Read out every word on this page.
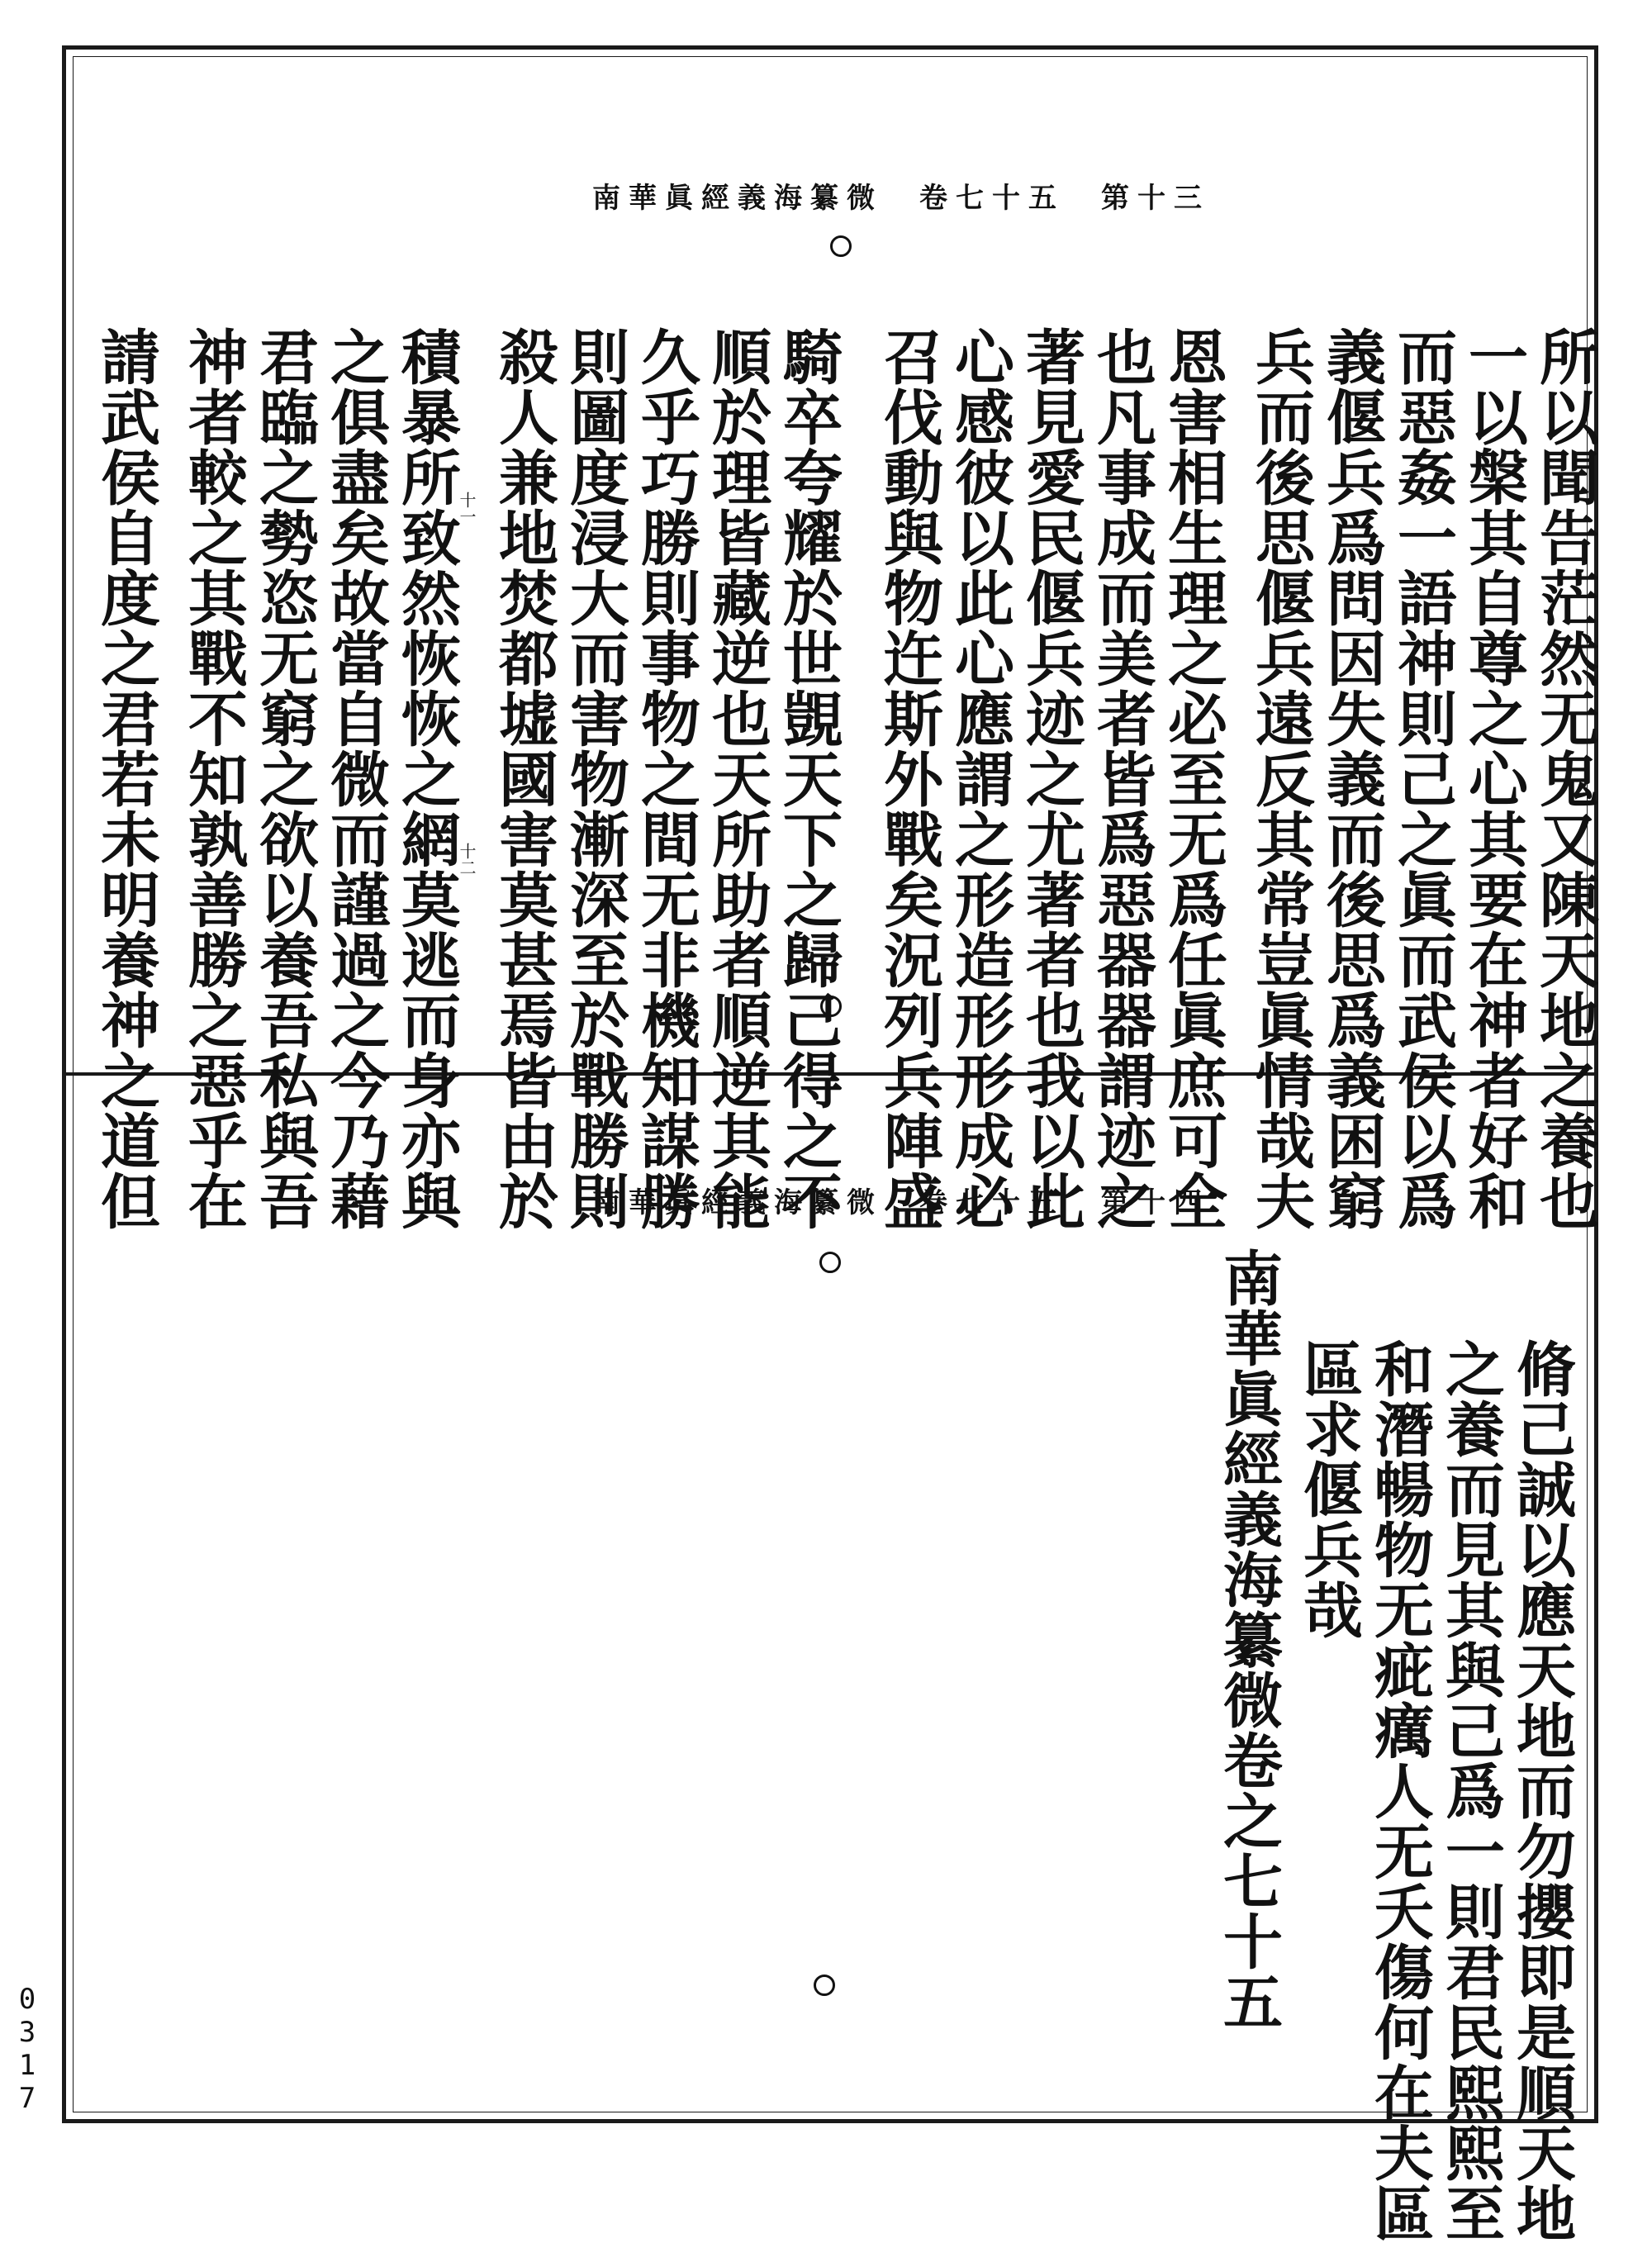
南華眞經義海纂微　卷七十五　第十三
所以聞告茫然无鬼又陳天地之養也
一以槃其自尊之心其要在神者好和
而惡姦一語神則己之眞而武侯以爲
義偃兵爲問因失義而後思爲義困窮
兵而後思偃兵遠反其常豈眞情哉夫
恩害相生理之必至无爲任眞庶可全
也凡事成而美者皆爲惡器器謂迹之
著見愛民偃兵迹之尤著者也我以此
心感彼以此心應謂之形造形形成必
召伐動與物迕斯外戰矣況列兵陣盛
騎卒夸耀於世覬天下之歸己得之不
順於理皆藏逆也天所助者順逆其能
久乎巧勝則事物之間无非機知謀勝
則圖度浸大而害物漸深至於戰勝則
殺人兼地焚都墟國害莫甚焉皆由於
積暴所致然恢恢之網莫逃而身亦與
之俱盡矣故當自微而謹過之今乃藉
君臨之勢恣无窮之欲以養吾私與吾
神者較之其戰不知孰善勝之惡乎在
請武侯自度之君若未明養神之道但	十一
十二
南華眞經義海纂微　卷七十五　第十四
脩己誠以應天地而勿攖即是順天地
之養而見其與己爲一則君民熙熙至
和潛暢物无疵癘人无夭傷何在夫區
區求偃兵哉
南華眞經義海纂微卷之七十五
0
3
1
7
